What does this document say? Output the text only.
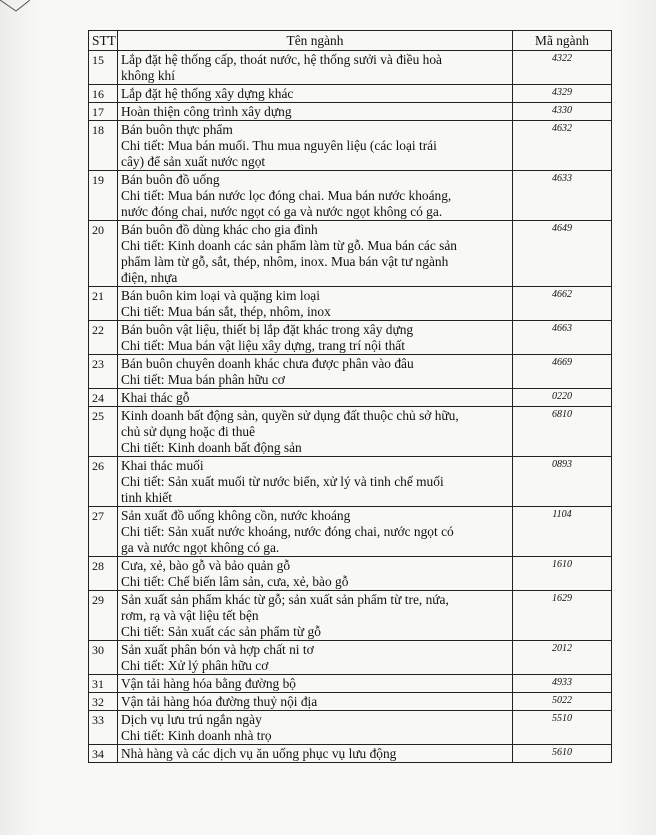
STT	Tên ngành	Mã ngành
15	Lắp đặt hệ thống cấp, thoát nước, hệ thống sưởi và điều hoà
không khí	4322
16	Lắp đặt hệ thống xây dựng khác	4329
17	Hoàn thiện công trình xây dựng	4330
18	Bán buôn thực phẩm
Chi tiết: Mua bán muối. Thu mua nguyên liệu (các loại trái
cây) để sản xuất nước ngọt	4632
19	Bán buôn đồ uống
Chi tiết: Mua bán nước lọc đóng chai. Mua bán nước khoáng,
nước đóng chai, nước ngọt có ga và nước ngọt không có ga.	4633
20	Bán buôn đồ dùng khác cho gia đình
Chi tiết: Kinh doanh các sản phẩm làm từ gỗ. Mua bán các sản
phẩm làm từ gỗ, sắt, thép, nhôm, inox. Mua bán vật tư ngành
điện, nhựa	4649
21	Bán buôn kim loại và quặng kim loại
Chi tiết: Mua bán sắt, thép, nhôm, inox	4662
22	Bán buôn vật liệu, thiết bị lắp đặt khác trong xây dựng
Chi tiết: Mua bán vật liệu xây dựng, trang trí nội thất	4663
23	Bán buôn chuyên doanh khác chưa được phân vào đâu
Chi tiết: Mua bán phân hữu cơ	4669
24	Khai thác gỗ	0220
25	Kinh doanh bất động sản, quyền sử dụng đất thuộc chủ sở hữu,
chủ sử dụng hoặc đi thuê
Chi tiết: Kinh doanh bất động sản	6810
26	Khai thác muối
Chi tiết: Sản xuất muối từ nước biển, xử lý và tinh chế muối
tinh khiết	0893
27	Sản xuất đồ uống không cồn, nước khoáng
Chi tiết: Sản xuất nước khoáng, nước đóng chai, nước ngọt có
ga và nước ngọt không có ga.	1104
28	Cưa, xẻ, bào gỗ và bảo quản gỗ
Chi tiết: Chế biến lâm sản, cưa, xẻ, bào gỗ	1610
29	Sản xuất sản phẩm khác từ gỗ; sản xuất sản phẩm từ tre, nứa,
rơm, rạ và vật liệu tết bện
Chi tiết: Sản xuất các sản phẩm từ gỗ	1629
30	Sản xuất phân bón và hợp chất ni tơ
Chi tiết: Xử lý phân hữu cơ	2012
31	Vận tải hàng hóa bằng đường bộ	4933
32	Vận tải hàng hóa đường thuỷ nội địa	5022
33	Dịch vụ lưu trú ngắn ngày
Chi tiết: Kinh doanh nhà trọ	5510
34	Nhà hàng và các dịch vụ ăn uống phục vụ lưu động	5610
